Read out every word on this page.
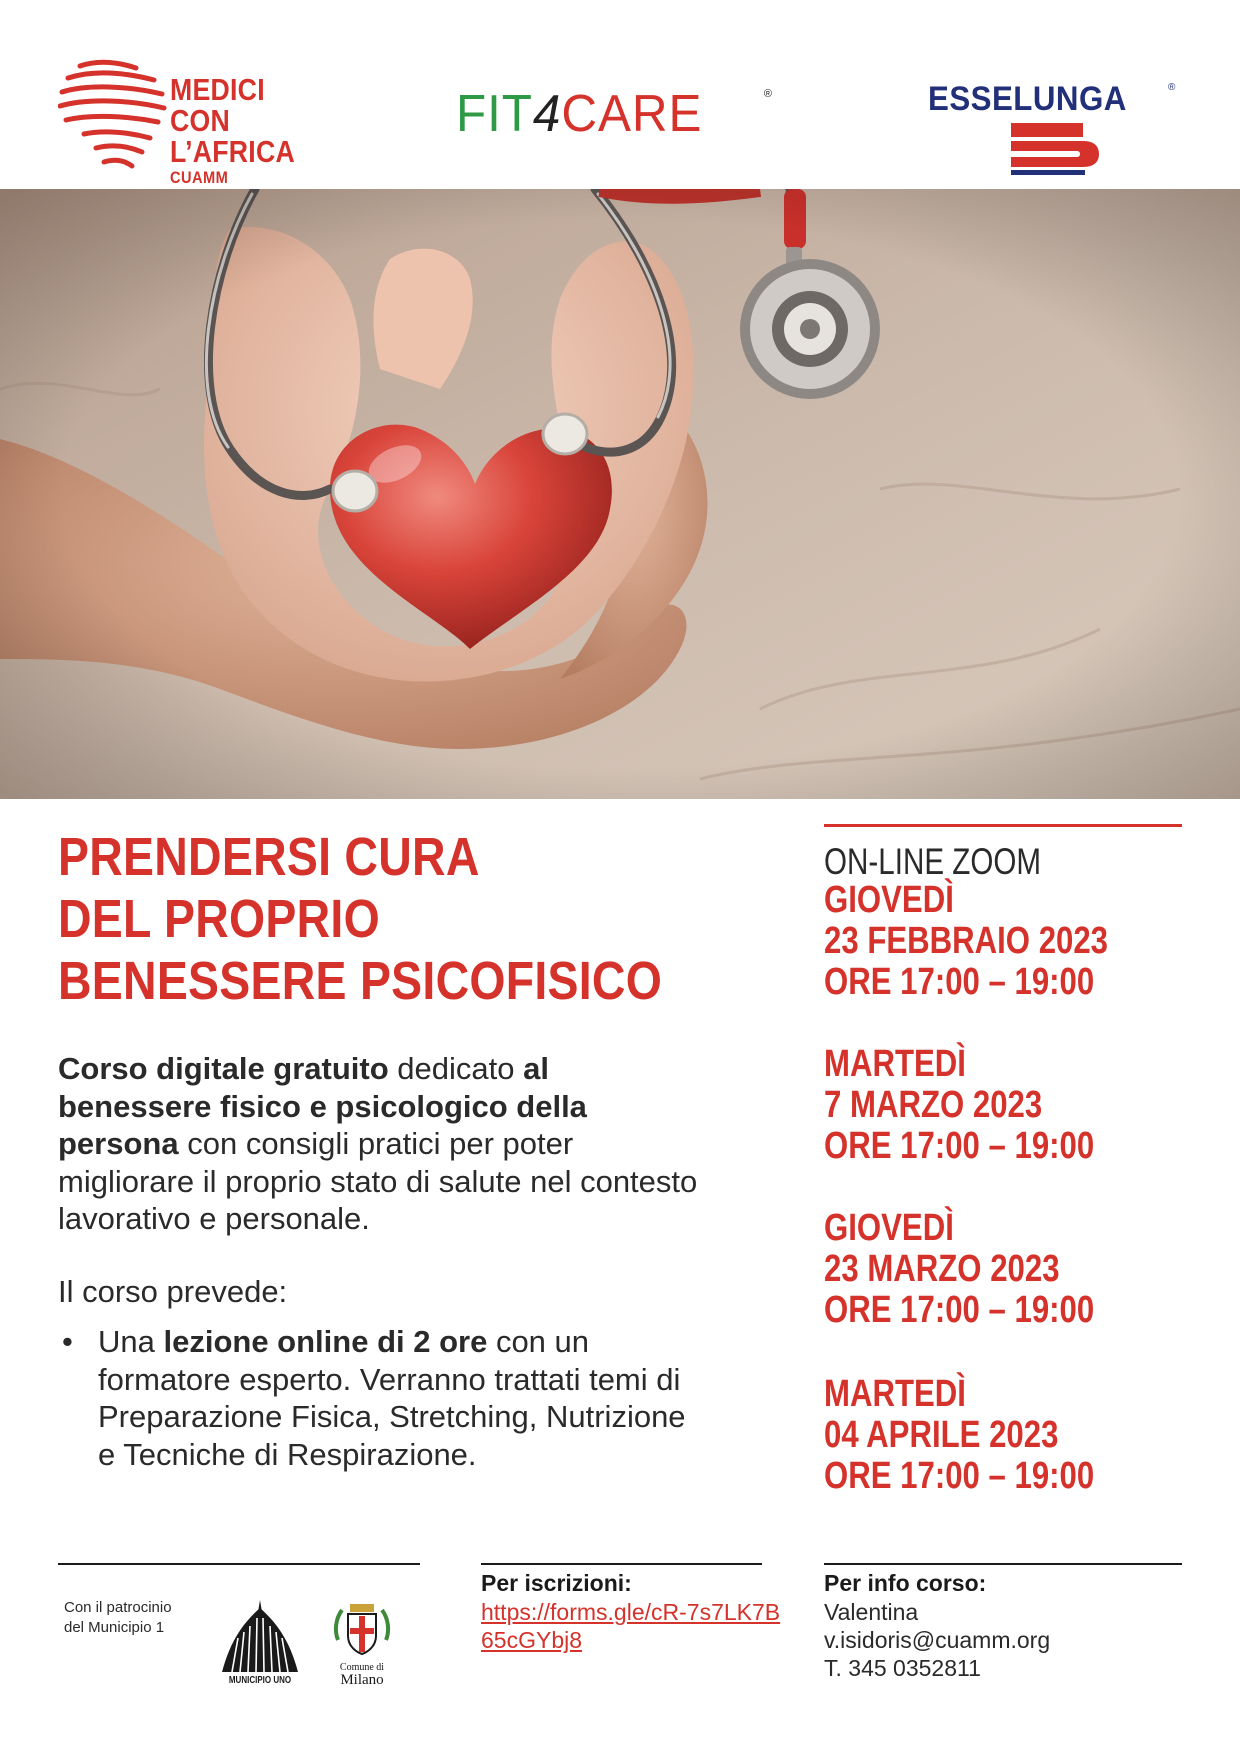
MEDICI
CON L’AFRICA
CUAMM
FIT4CARE	®	ESSELUNGA	®
PRENDERSI CURA
DEL PROPRIO
BENESSERE PSICOFISICO

Corso digitale gratuito dedicato al benessere fisico e psicologico della persona con consigli pratici per poter migliorare il proprio stato di salute nel contesto lavorativo e personale.

Il corso prevede:

• Una lezione online di 2 ore con un formatore esperto. Verranno trattati temi di Preparazione Fisica, Stretching, Nutrizione e Tecniche di Respirazione.
ON-LINE ZOOM
GIOVEDÌ
23 FEBBRAIO 2023
ORE 17:00 – 19:00
MARTEDÌ
7 MARZO 2023
ORE 17:00 – 19:00
GIOVEDÌ
23 MARZO 2023
ORE 17:00 – 19:00
MARTEDÌ
04 APRILE 2023
ORE 17:00 – 19:00
Con il patrocinio
del Municipio 1
MUNICIPIO UNO
Comune di
Milano
Per iscrizioni:
https://forms.gle/cR-7s7LK7B65cGYbj8
Per info corso:
Valentina
v.isidoris@cuamm.org
T. 345 0352811
